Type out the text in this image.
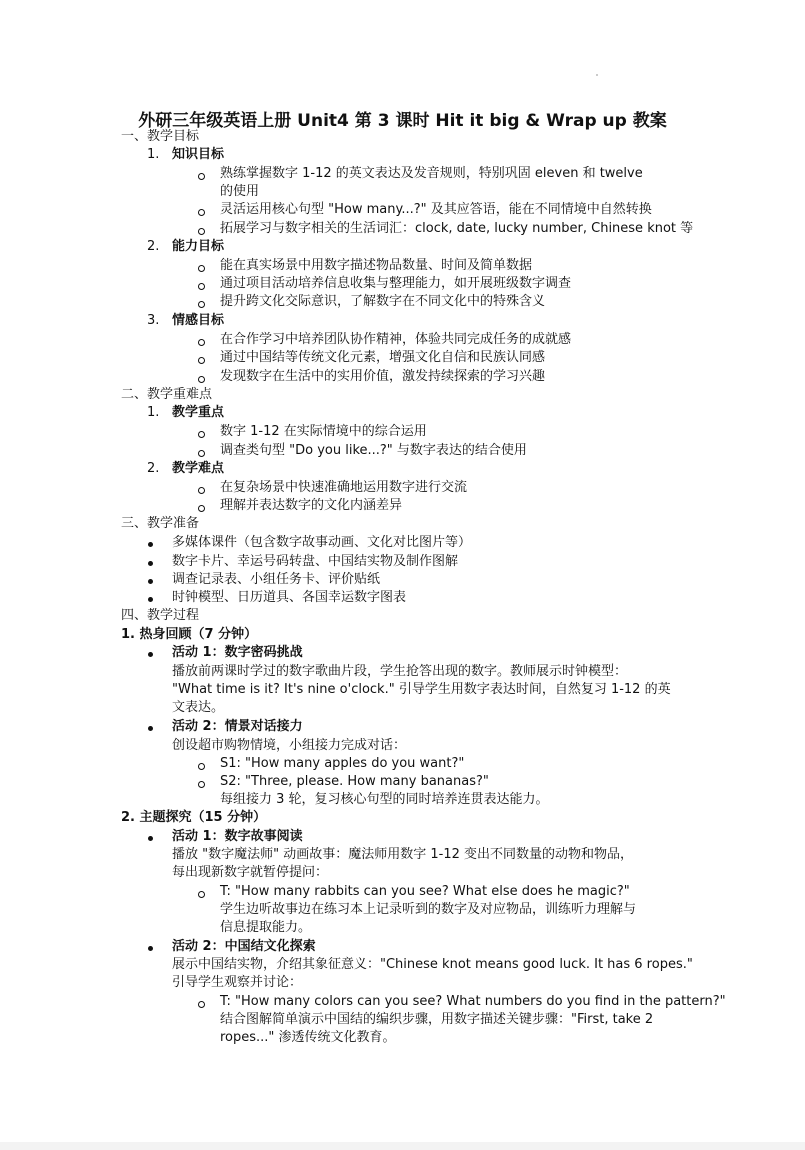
外研三年级英语上册 Unit4 第 3 课时 Hit it big & Wrap up 教案
一、教学目标
1. 知识目标
熟练掌握数字 1-12 的英文表达及发音规则，特别巩固 eleven 和 twelve
的使用
灵活运用核心句型 "How many...?" 及其应答语，能在不同情境中自然转换
拓展学习与数字相关的生活词汇：clock, date, lucky number, Chinese knot 等
2. 能力目标
能在真实场景中用数字描述物品数量、时间及简单数据
通过项目活动培养信息收集与整理能力，如开展班级数字调查
提升跨文化交际意识，了解数字在不同文化中的特殊含义
3. 情感目标
在合作学习中培养团队协作精神，体验共同完成任务的成就感
通过中国结等传统文化元素，增强文化自信和民族认同感
发现数字在生活中的实用价值，激发持续探索的学习兴趣
二、教学重难点
1. 教学重点
数字 1-12 在实际情境中的综合运用
调查类句型 "Do you like...?" 与数字表达的结合使用
2. 教学难点
在复杂场景中快速准确地运用数字进行交流
理解并表达数字的文化内涵差异
三、教学准备
多媒体课件（包含数字故事动画、文化对比图片等）
数字卡片、幸运号码转盘、中国结实物及制作图解
调查记录表、小组任务卡、评价贴纸
时钟模型、日历道具、各国幸运数字图表
四、教学过程
1. 热身回顾（7 分钟）
活动 1：数字密码挑战
播放前两课时学过的数字歌曲片段，学生抢答出现的数字。教师展示时钟模型：
"What time is it? It's nine o'clock." 引导学生用数字表达时间，自然复习 1-12 的英
文表达。
活动 2：情景对话接力
创设超市购物情境，小组接力完成对话：
S1: "How many apples do you want?"
S2: "Three, please. How many bananas?"
每组接力 3 轮，复习核心句型的同时培养连贯表达能力。
2. 主题探究（15 分钟）
活动 1：数字故事阅读
播放 "数字魔法师" 动画故事：魔法师用数字 1-12 变出不同数量的动物和物品，
每出现新数字就暂停提问：
T: "How many rabbits can you see? What else does he magic?"
学生边听故事边在练习本上记录听到的数字及对应物品，训练听力理解与
信息提取能力。
活动 2：中国结文化探索
展示中国结实物，介绍其象征意义："Chinese knot means good luck. It has 6 ropes."
引导学生观察并讨论：
T: "How many colors can you see? What numbers do you find in the pattern?"
结合图解简单演示中国结的编织步骤，用数字描述关键步骤："First, take 2
ropes..." 渗透传统文化教育。
